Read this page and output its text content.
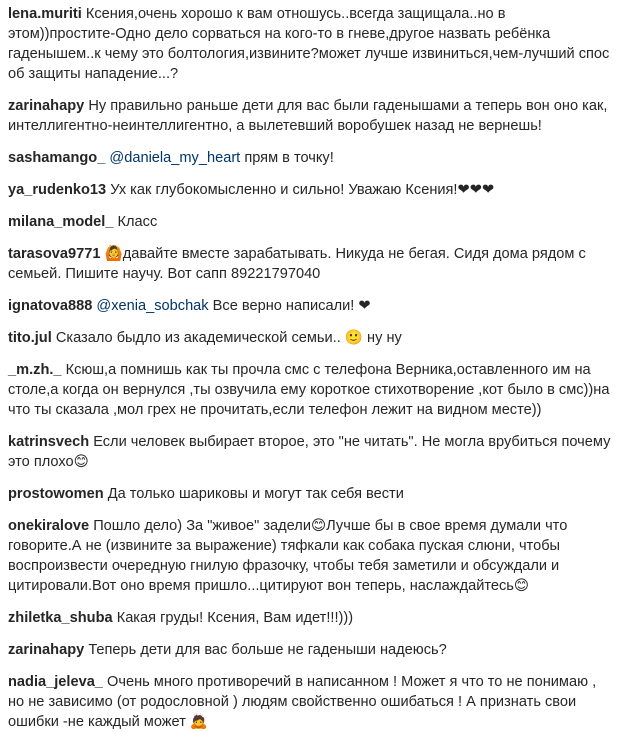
lena.muriti Ксения,очень хорошо к вам отношусь..всегда защищала..но в этом))простите-Одно дело сорваться на кого-то в гневе,другое назвать ребёнка гаденышем..к чему это болтология,извините?может лучше извиниться,чем-лучший спос об защиты нападение...?
zarinahapy Ну правильно раньше дети для вас были гаденышами а теперь вон оно как, интеллигентно-неинтеллигентно, а вылетевший воробушек назад не вернешь!
sashamango_ @daniela_my_heart прям в точку!
ya_rudenko13 Ух как глубокомысленно и сильно! Уважаю Ксения!❤❤❤
milana_model_ Класс
tarasova9771 🙆давайте вместе зарабатывать. Никуда не бегая. Сидя дома рядом с семьей. Пишите научу. Вот сапп 89221797040
ignatova888 @xenia_sobchak Все верно написали! ❤
tito.jul Сказало быдло из академической семьи.. 🙂 ну ну
_m.zh._ Ксюш,а помнишь как ты прочла смс с телефона Верника,оставленного им на столе,а когда он вернулся ,ты озвучила ему короткое стихотворение ,кот было в смс))на что ты сказала ,мол грех не прочитать,если телефон лежит на видном месте))
katrinsvech Если человек выбирает второе, это "не читать". Не могла врубиться почему это плохо😊
prostowomen Да только шариковы и могут так себя вести
onekiralove Пошло дело) За "живое" задели😊Лучше бы в свое время думали что говорите.А не (извините за выражение) тяфкали как собака пуская слюни, чтобы воспроизвести очередную гнилую фразочку, чтобы тебя заметили и обсуждали и цитировали.Вот оно время пришло...цитируют вон теперь, наслаждайтесь😊
zhiletka_shuba Какая груды! Ксения, Вам идет!!!)))
zarinahapy Теперь дети для вас больше не гаденыши надеюсь?
nadia_jeleva_ Очень много противоречий в написанном ! Может я что то не понимаю , но не зависимо (от родословной ) людям свойственно ошибаться ! А признать свои ошибки -не каждый может 🙇
